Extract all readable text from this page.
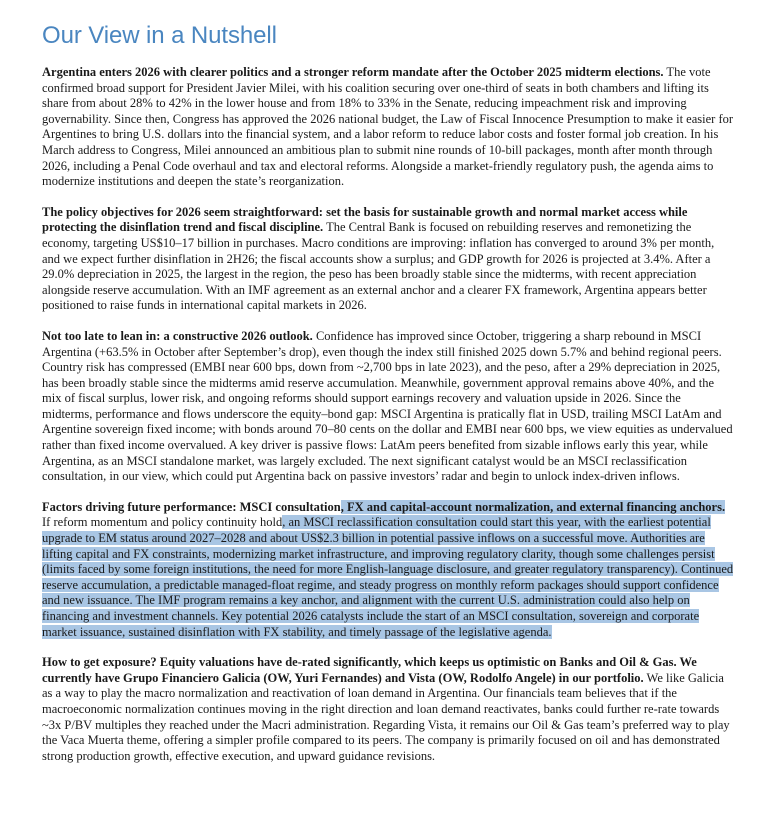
Our View in a Nutshell

Argentina enters 2026 with clearer politics and a stronger reform mandate after the October 2025 midterm elections. The vote confirmed broad support for President Javier Milei, with his coalition securing over one-third of seats in both chambers and lifting its share from about 28% to 42% in the lower house and from 18% to 33% in the Senate, reducing impeachment risk and improving governability. Since then, Congress has approved the 2026 national budget, the Law of Fiscal Innocence Presumption to make it easier for Argentines to bring U.S. dollars into the financial system, and a labor reform to reduce labor costs and foster formal job creation. In his March address to Congress, Milei announced an ambitious plan to submit nine rounds of 10-bill packages, month after month through 2026, including a Penal Code overhaul and tax and electoral reforms. Alongside a market-friendly regulatory push, the agenda aims to modernize institutions and deepen the state’s reorganization.

The policy objectives for 2026 seem straightforward: set the basis for sustainable growth and normal market access while protecting the disinflation trend and fiscal discipline. The Central Bank is focused on rebuilding reserves and remonetizing the economy, targeting US$10–17 billion in purchases. Macro conditions are improving: inflation has converged to around 3% per month, and we expect further disinflation in 2H26; the fiscal accounts show a surplus; and GDP growth for 2026 is projected at 3.4%. After a 29.0% depreciation in 2025, the largest in the region, the peso has been broadly stable since the midterms, with recent appreciation alongside reserve accumulation. With an IMF agreement as an external anchor and a clearer FX framework, Argentina appears better positioned to raise funds in international capital markets in 2026.

Not too late to lean in: a constructive 2026 outlook. Confidence has improved since October, triggering a sharp rebound in MSCI Argentina (+63.5% in October after September’s drop), even though the index still finished 2025 down 5.7% and behind regional peers. Country risk has compressed (EMBI near 600 bps, down from ~2,700 bps in late 2023), and the peso, after a 29% depreciation in 2025, has been broadly stable since the midterms amid reserve accumulation. Meanwhile, government approval remains above 40%, and the mix of fiscal surplus, lower risk, and ongoing reforms should support earnings recovery and valuation upside in 2026. Since the midterms, performance and flows underscore the equity–bond gap: MSCI Argentina is pratically flat in USD, trailing MSCI LatAm and Argentine sovereign fixed income; with bonds around 70–80 cents on the dollar and EMBI near 600 bps, we view equities as undervalued rather than fixed income overvalued. A key driver is passive flows: LatAm peers benefited from sizable inflows early this year, while Argentina, as an MSCI standalone market, was largely excluded. The next significant catalyst would be an MSCI reclassification consultation, in our view, which could put Argentina back on passive investors’ radar and begin to unlock index-driven inflows.

Factors driving future performance: MSCI consultation, FX and capital-account normalization, and external financing anchors. If reform momentum and policy continuity hold, an MSCI reclassification consultation could start this year, with the earliest potential upgrade to EM status around 2027–2028 and about US$2.3 billion in potential passive inflows on a successful move. Authorities are lifting capital and FX constraints, modernizing market infrastructure, and improving regulatory clarity, though some challenges persist (limits faced by some foreign institutions, the need for more English-language disclosure, and greater regulatory transparency). Continued reserve accumulation, a predictable managed-float regime, and steady progress on monthly reform packages should support confidence and new issuance. The IMF program remains a key anchor, and alignment with the current U.S. administration could also help on financing and investment channels. Key potential 2026 catalysts include the start of an MSCI consultation, sovereign and corporate market issuance, sustained disinflation with FX stability, and timely passage of the legislative agenda.

How to get exposure? Equity valuations have de-rated significantly, which keeps us optimistic on Banks and Oil & Gas. We currently have Grupo Financiero Galicia (OW, Yuri Fernandes) and Vista (OW, Rodolfo Angele) in our portfolio. We like Galicia as a way to play the macro normalization and reactivation of loan demand in Argentina. Our financials team believes that if the macroeconomic normalization continues moving in the right direction and loan demand reactivates, banks could further re-rate towards ~3x P/BV multiples they reached under the Macri administration. Regarding Vista, it remains our Oil & Gas team’s preferred way to play the Vaca Muerta theme, offering a simpler profile compared to its peers. The company is primarily focused on oil and has demonstrated strong production growth, effective execution, and upward guidance revisions.
